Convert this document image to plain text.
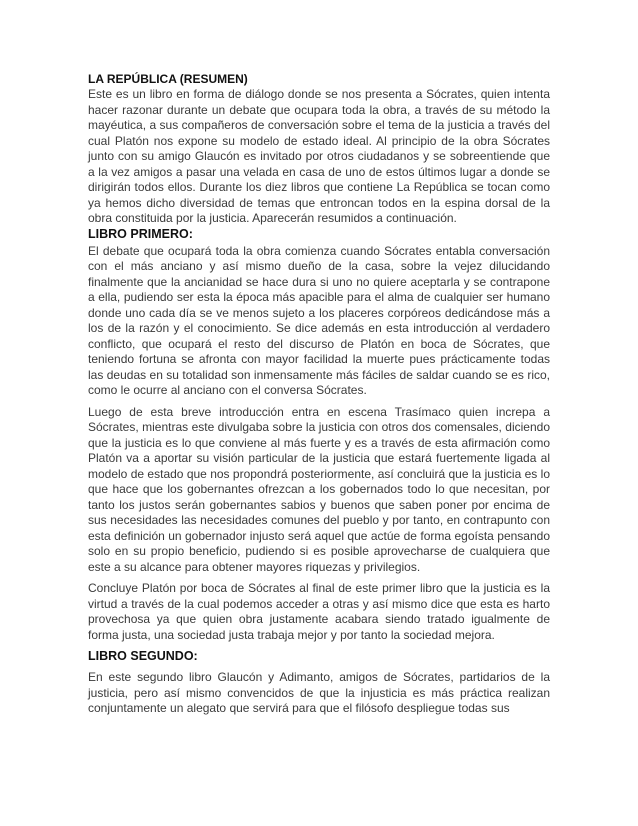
LA REPÚBLICA (RESUMEN)

Este es un libro en forma de diálogo donde se nos presenta a Sócrates, quien intenta hacer razonar durante un debate que ocupara toda la obra, a través de su método la mayéutica, a sus compañeros de conversación sobre el tema de la justicia a través del cual Platón nos expone su modelo de estado ideal. Al principio de la obra Sócrates junto con su amigo Glaucón es invitado por otros ciudadanos y se sobreentiende que a la vez amigos a pasar una velada en casa de uno de estos últimos lugar a donde se dirigirán todos ellos. Durante los diez libros que contiene La República se tocan como ya hemos dicho diversidad de temas que entroncan todos en la espina dorsal de la obra constituida por la justicia. Aparecerán resumidos a continuación.

LIBRO PRIMERO:

El debate que ocupará toda la obra comienza cuando Sócrates entabla conversación con el más anciano y así mismo dueño de la casa, sobre la vejez dilucidando finalmente que la ancianidad se hace dura si uno no quiere aceptarla y se contrapone a ella, pudiendo ser esta la época más apacible para el alma de cualquier ser humano donde uno cada día se ve menos sujeto a los placeres corpóreos dedicándose más a los de la razón y el conocimiento. Se dice además en esta introducción al verdadero conflicto, que ocupará el resto del discurso de Platón en boca de Sócrates, que teniendo fortuna se afronta con mayor facilidad la muerte pues prácticamente todas las deudas en su totalidad son inmensamente más fáciles de saldar cuando se es rico, como le ocurre al anciano con el conversa Sócrates.

Luego de esta breve introducción entra en escena Trasímaco quien increpa a Sócrates, mientras este divulgaba sobre la justicia con otros dos comensales, diciendo que la justicia es lo que conviene al más fuerte y es a través de esta afirmación como Platón va a aportar su visión particular de la justicia que estará fuertemente ligada al modelo de estado que nos propondrá posteriormente, así concluirá que la justicia es lo que hace que los gobernantes ofrezcan a los gobernados todo lo que necesitan, por tanto los justos serán gobernantes sabios y buenos que saben poner por encima de sus necesidades las necesidades comunes del pueblo y por tanto, en contrapunto con esta definición un gobernador injusto será aquel que actúe de forma egoísta pensando solo en su propio beneficio, pudiendo si es posible aprovecharse de cualquiera que este a su alcance para obtener mayores riquezas y privilegios.

Concluye Platón por boca de Sócrates al final de este primer libro que la justicia es la virtud a través de la cual podemos acceder a otras y así mismo dice que esta es harto provechosa ya que quien obra justamente acabara siendo tratado igualmente de forma justa, una sociedad justa trabaja mejor y por tanto la sociedad mejora.

LIBRO SEGUNDO:

En este segundo libro Glaucón y Adimanto, amigos de Sócrates, partidarios de la justicia, pero así mismo convencidos de que la injusticia es más práctica realizan conjuntamente un alegato que servirá para que el filósofo despliegue todas sus
